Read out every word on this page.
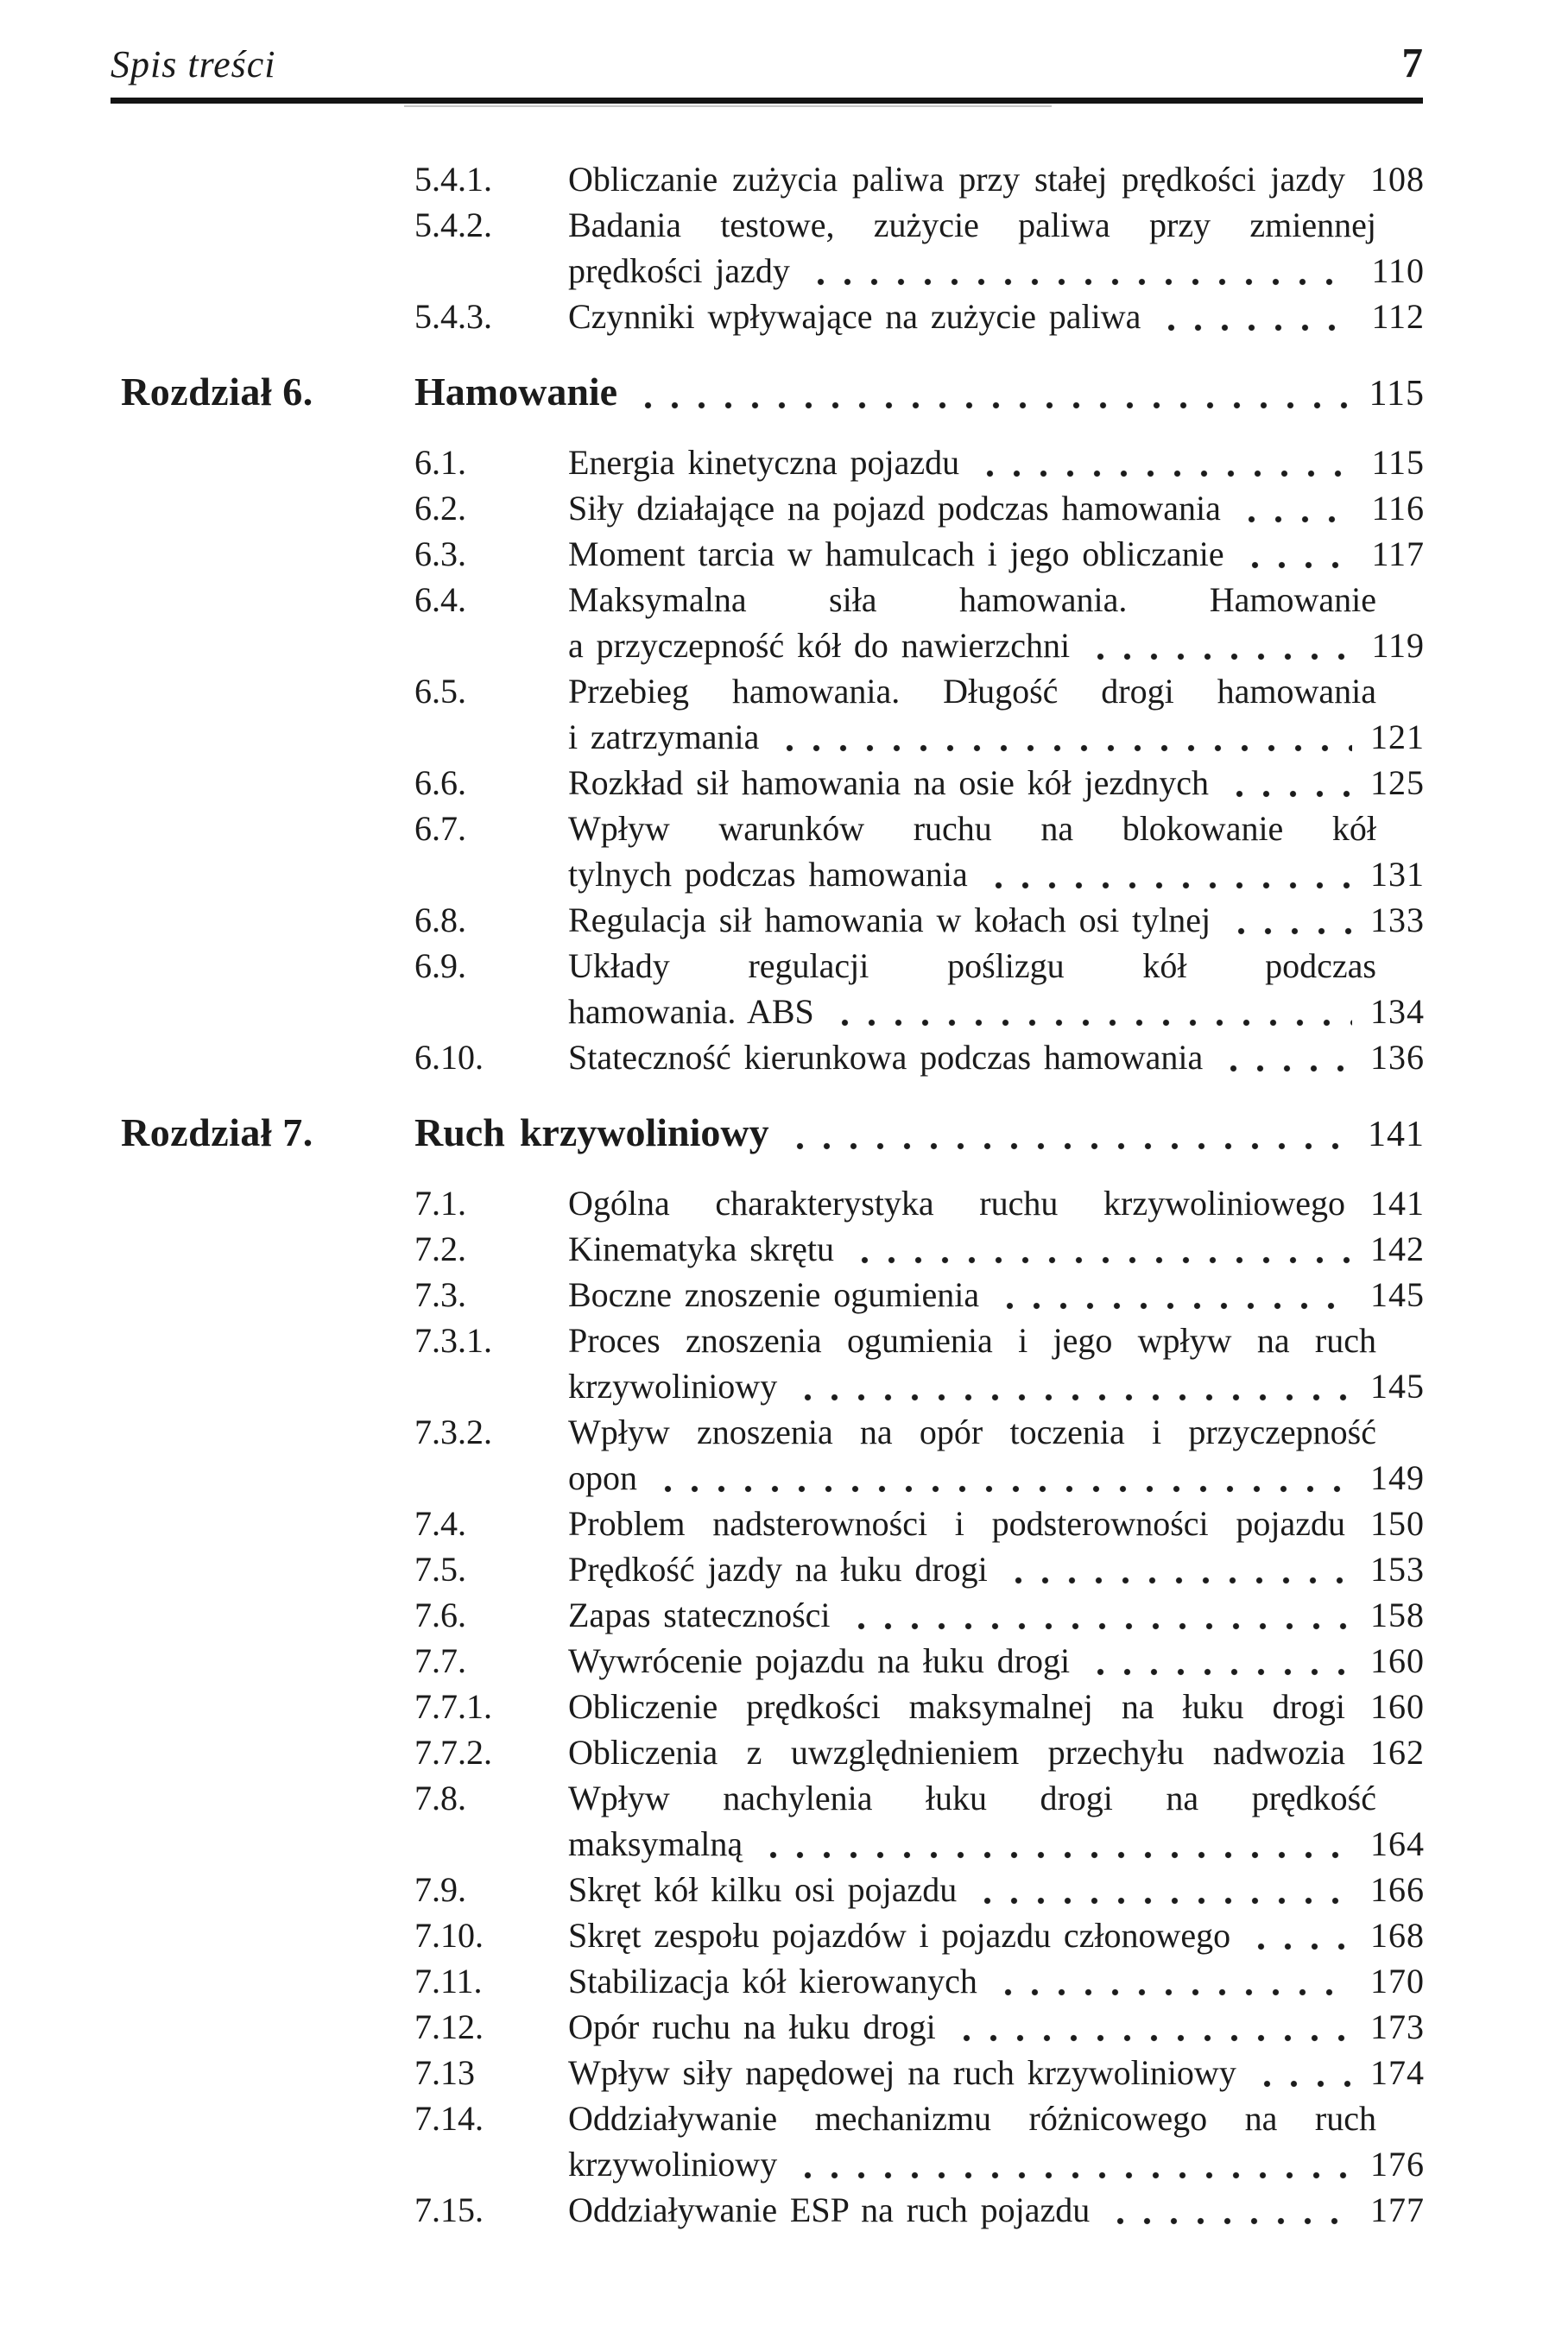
Spis treści	7
5.4.1. Obliczanie zużycia paliwa przy stałej prędkości jazdy 108
5.4.2. Badania testowe, zużycie paliwa przy zmiennej
prędkości jazdy	110
5.4.3. Czynniki wpływające na zużycie paliwa	112
Rozdział 6.	Hamowanie	115
6.1.	Energia kinetyczna pojazdu	115
6.2.	Siły działające na pojazd podczas hamowania	116
6.3.	Moment tarcia w hamulcach i jego obliczanie	117
6.4.	Maksymalna siła hamowania. Hamowanie
a przyczepność kół do nawierzchni	119
6.5.	Przebieg hamowania. Długość drogi hamowania
i zatrzymania	121
6.6.	Rozkład sił hamowania na osie kół jezdnych	125
6.7.	Wpływ warunków ruchu na blokowanie kół
tylnych podczas hamowania	131
6.8.	Regulacja sił hamowania w kołach osi tylnej	133
6.9.	Układy regulacji poślizgu kół podczas
hamowania. ABS	134
6.10. Stateczność kierunkowa podczas hamowania	136
Rozdział 7.	Ruch krzywoliniowy	141
7.1.	Ogólna charakterystyka ruchu krzywoliniowego 141
7.2.	Kinematyka skrętu	142
7.3.	Boczne znoszenie ogumienia	145
7.3.1. Proces znoszenia ogumienia i jego wpływ na ruch
krzywoliniowy	145
7.3.2. Wpływ znoszenia na opór toczenia i przyczepność
opon	149
7.4.	Problem nadsterowności i podsterowności pojazdu 150
7.5.	Prędkość jazdy na łuku drogi	153
7.6.	Zapas stateczności	158
7.7.	Wywrócenie pojazdu na łuku drogi	160
7.7.1. Obliczenie prędkości maksymalnej na łuku drogi 160
7.7.2. Obliczenia z uwzględnieniem przechyłu nadwozia 162
7.8.	Wpływ nachylenia łuku drogi na prędkość
maksymalną	164
7.9.	Skręt kół kilku osi pojazdu	166
7.10. Skręt zespołu pojazdów i pojazdu członowego	168
7.11. Stabilizacja kół kierowanych	170
7.12. Opór ruchu na łuku drogi	173
7.13	Wpływ siły napędowej na ruch krzywoliniowy	174
7.14. Oddziaływanie mechanizmu różnicowego na ruch
krzywoliniowy	176
7.15. Oddziaływanie ESP na ruch pojazdu	177
